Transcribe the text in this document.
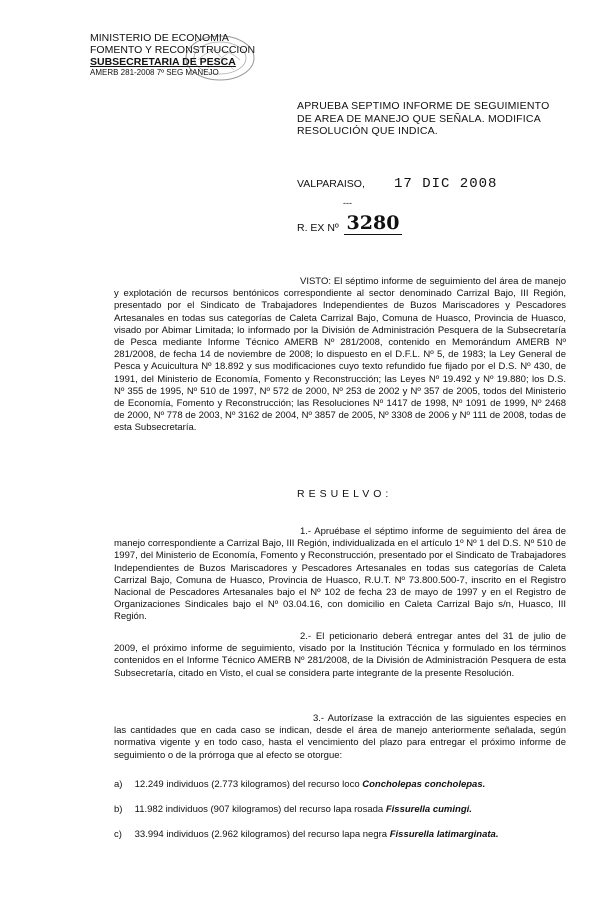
MINISTERIO DE ECONOMIA
FOMENTO Y RECONSTRUCCION
SUBSECRETARIA DE PESCA
AMERB 281-2008 7º SEG MANEJO
APRUEBA SEPTIMO INFORME DE SEGUIMIENTO DE AREA DE MANEJO QUE SEÑALA. MODIFICA RESOLUCIÓN QUE INDICA.
VALPARAISO, 17 DIC 2008
---
R. EX Nº 3280
VISTO: El séptimo informe de seguimiento del área de manejo y explotación de recursos bentónicos correspondiente al sector denominado Carrizal Bajo, III Región, presentado por el Sindicato de Trabajadores Independientes de Buzos Mariscadores y Pescadores Artesanales en todas sus categorías de Caleta Carrizal Bajo, Comuna de Huasco, Provincia de Huasco, visado por Abimar Limitada; lo informado por la División de Administración Pesquera de la Subsecretaría de Pesca mediante Informe Técnico AMERB Nº 281/2008, contenido en Memorándum AMERB Nº 281/2008, de fecha 14 de noviembre de 2008; lo dispuesto en el D.F.L. Nº 5, de 1983; la Ley General de Pesca y Acuicultura Nº 18.892 y sus modificaciones cuyo texto refundido fue fijado por el D.S. Nº 430, de 1991, del Ministerio de Economía, Fomento y Reconstrucción; las Leyes Nº 19.492 y Nº 19.880; los D.S. Nº 355 de 1995, Nº 510 de 1997, Nº 572 de 2000, Nº 253 de 2002 y Nº 357 de 2005, todos del Ministerio de Economía, Fomento y Reconstrucción; las Resoluciones Nº 1417 de 1998, Nº 1091 de 1999, Nº 2468 de 2000, Nº 778 de 2003, Nº 3162 de 2004, Nº 3857 de 2005, Nº 3308 de 2006 y Nº 111 de 2008, todas de esta Subsecretaría.
RESUELVO:
1.- Apruébase el séptimo informe de seguimiento del área de manejo correspondiente a Carrizal Bajo, III Región, individualizada en el artículo 1º Nº 1 del D.S. Nº 510 de 1997, del Ministerio de Economía, Fomento y Reconstrucción, presentado por el Sindicato de Trabajadores Independientes de Buzos Mariscadores y Pescadores Artesanales en todas sus categorías de Caleta Carrizal Bajo, Comuna de Huasco, Provincia de Huasco, R.U.T. Nº 73.800.500-7, inscrito en el Registro Nacional de Pescadores Artesanales bajo el Nº 102 de fecha 23 de mayo de 1997 y en el Registro de Organizaciones Sindicales bajo el Nº 03.04.16, con domicilio en Caleta Carrizal Bajo s/n, Huasco, III Región.
2.- El peticionario deberá entregar antes del 31 de julio de 2009, el próximo informe de seguimiento, visado por la Institución Técnica y formulado en los términos contenidos en el Informe Técnico AMERB Nº 281/2008, de la División de Administración Pesquera de esta Subsecretaría, citado en Visto, el cual se considera parte integrante de la presente Resolución.
3.- Autorízase la extracción de las siguientes especies en las cantidades que en cada caso se indican, desde el área de manejo anteriormente señalada, según normativa vigente y en todo caso, hasta el vencimiento del plazo para entregar el próximo informe de seguimiento o de la prórroga que al efecto se otorgue:
a) 12.249 individuos (2.773 kilogramos) del recurso loco Concholepas concholepas.
b) 11.982 individuos (907 kilogramos) del recurso lapa rosada Fissurella cumingi.
c) 33.994 individuos (2.962 kilogramos) del recurso lapa negra Fissurella latimarginata.
